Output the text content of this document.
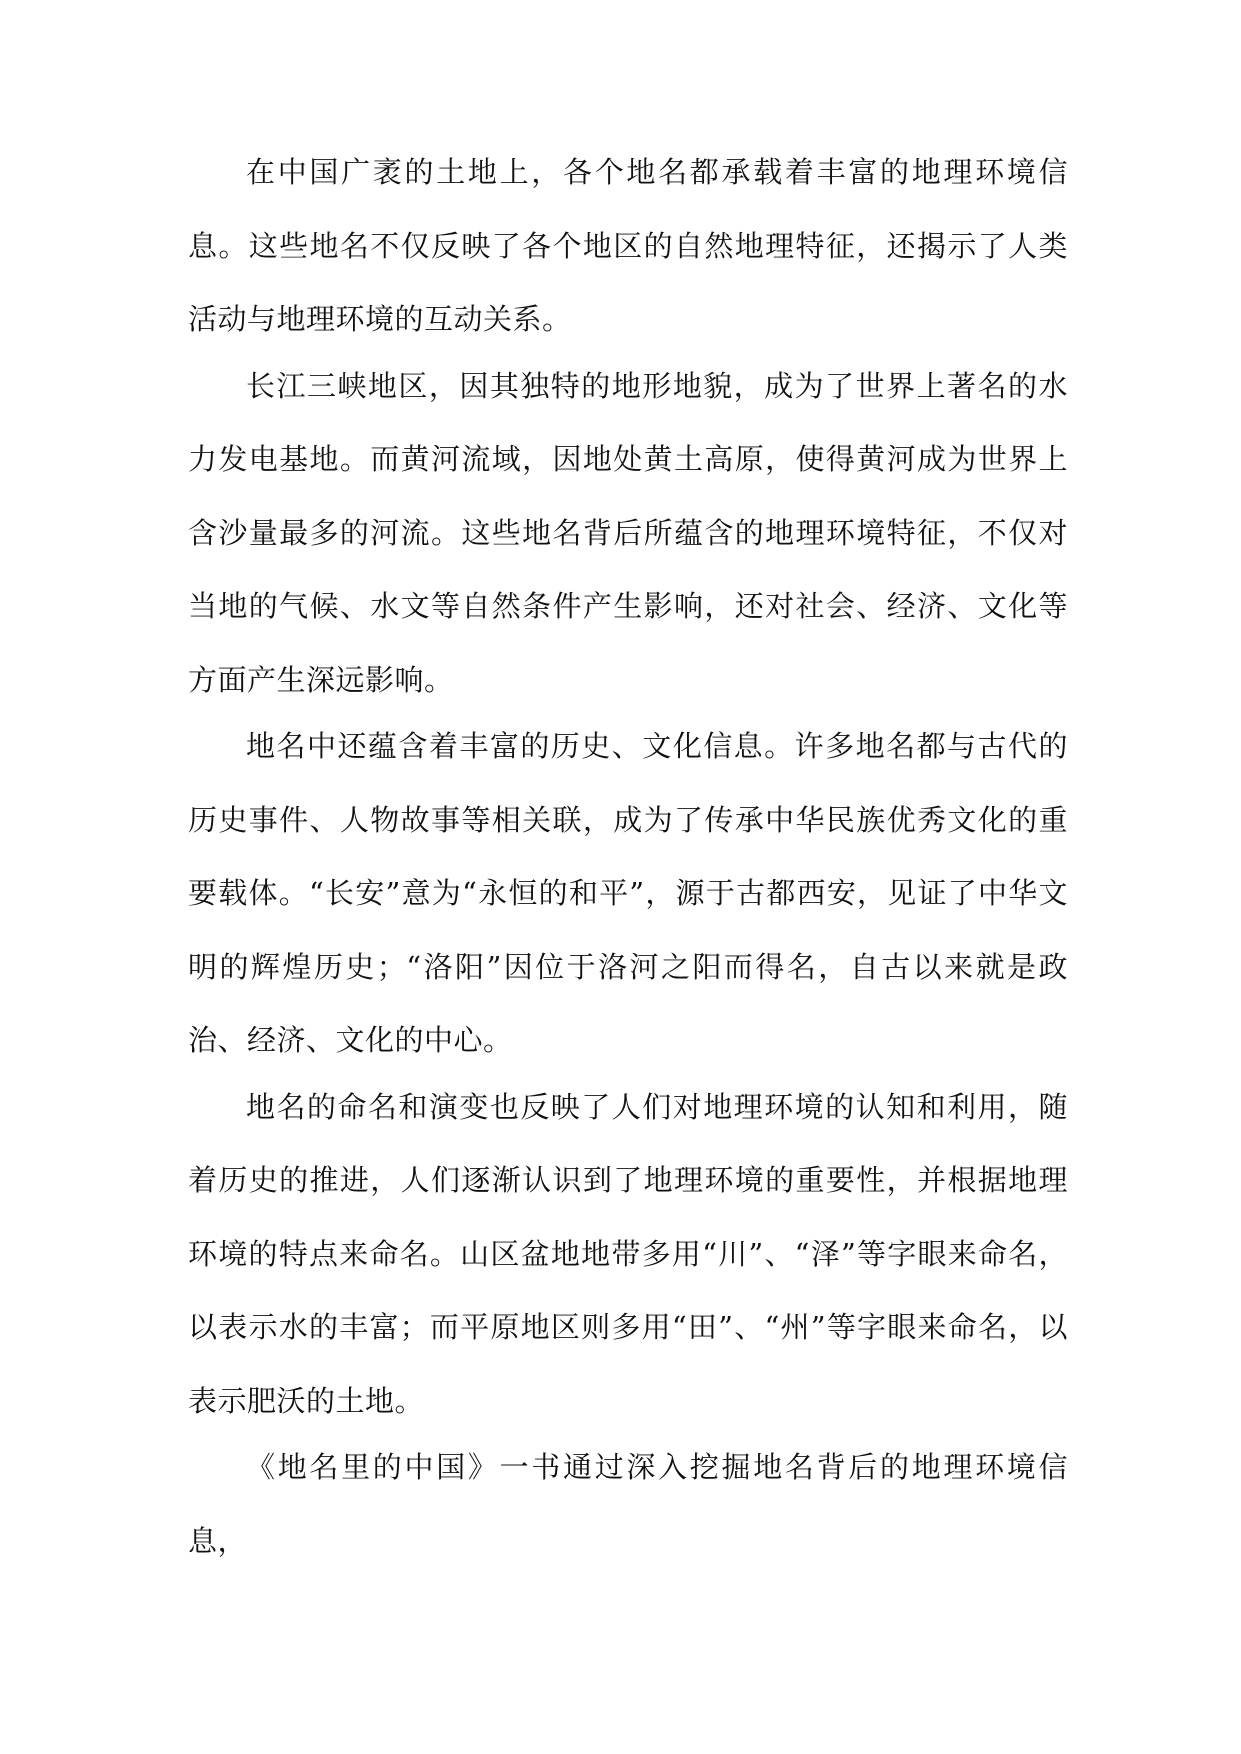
在中国广袤的土地上，各个地名都承载着丰富的地理环境信息。这些地名不仅反映了各个地区的自然地理特征，还揭示了人类活动与地理环境的互动关系。

长江三峡地区，因其独特的地形地貌，成为了世界上著名的水力发电基地。而黄河流域，因地处黄土高原，使得黄河成为世界上含沙量最多的河流。这些地名背后所蕴含的地理环境特征，不仅对当地的气候、水文等自然条件产生影响，还对社会、经济、文化等方面产生深远影响。

地名中还蕴含着丰富的历史、文化信息。许多地名都与古代的历史事件、人物故事等相关联，成为了传承中华民族优秀文化的重要载体。“长安”意为“永恒的和平”，源于古都西安，见证了中华文明的辉煌历史；“洛阳”因位于洛河之阳而得名，自古以来就是政治、经济、文化的中心。

地名的命名和演变也反映了人们对地理环境的认知和利用，随着历史的推进，人们逐渐认识到了地理环境的重要性，并根据地理环境的特点来命名。山区盆地地带多用“川”、“泽”等字眼来命名，以表示水的丰富；而平原地区则多用“田”、“州”等字眼来命名，以表示肥沃的土地。

《地名里的中国》一书通过深入挖掘地名背后的地理环境信息，
